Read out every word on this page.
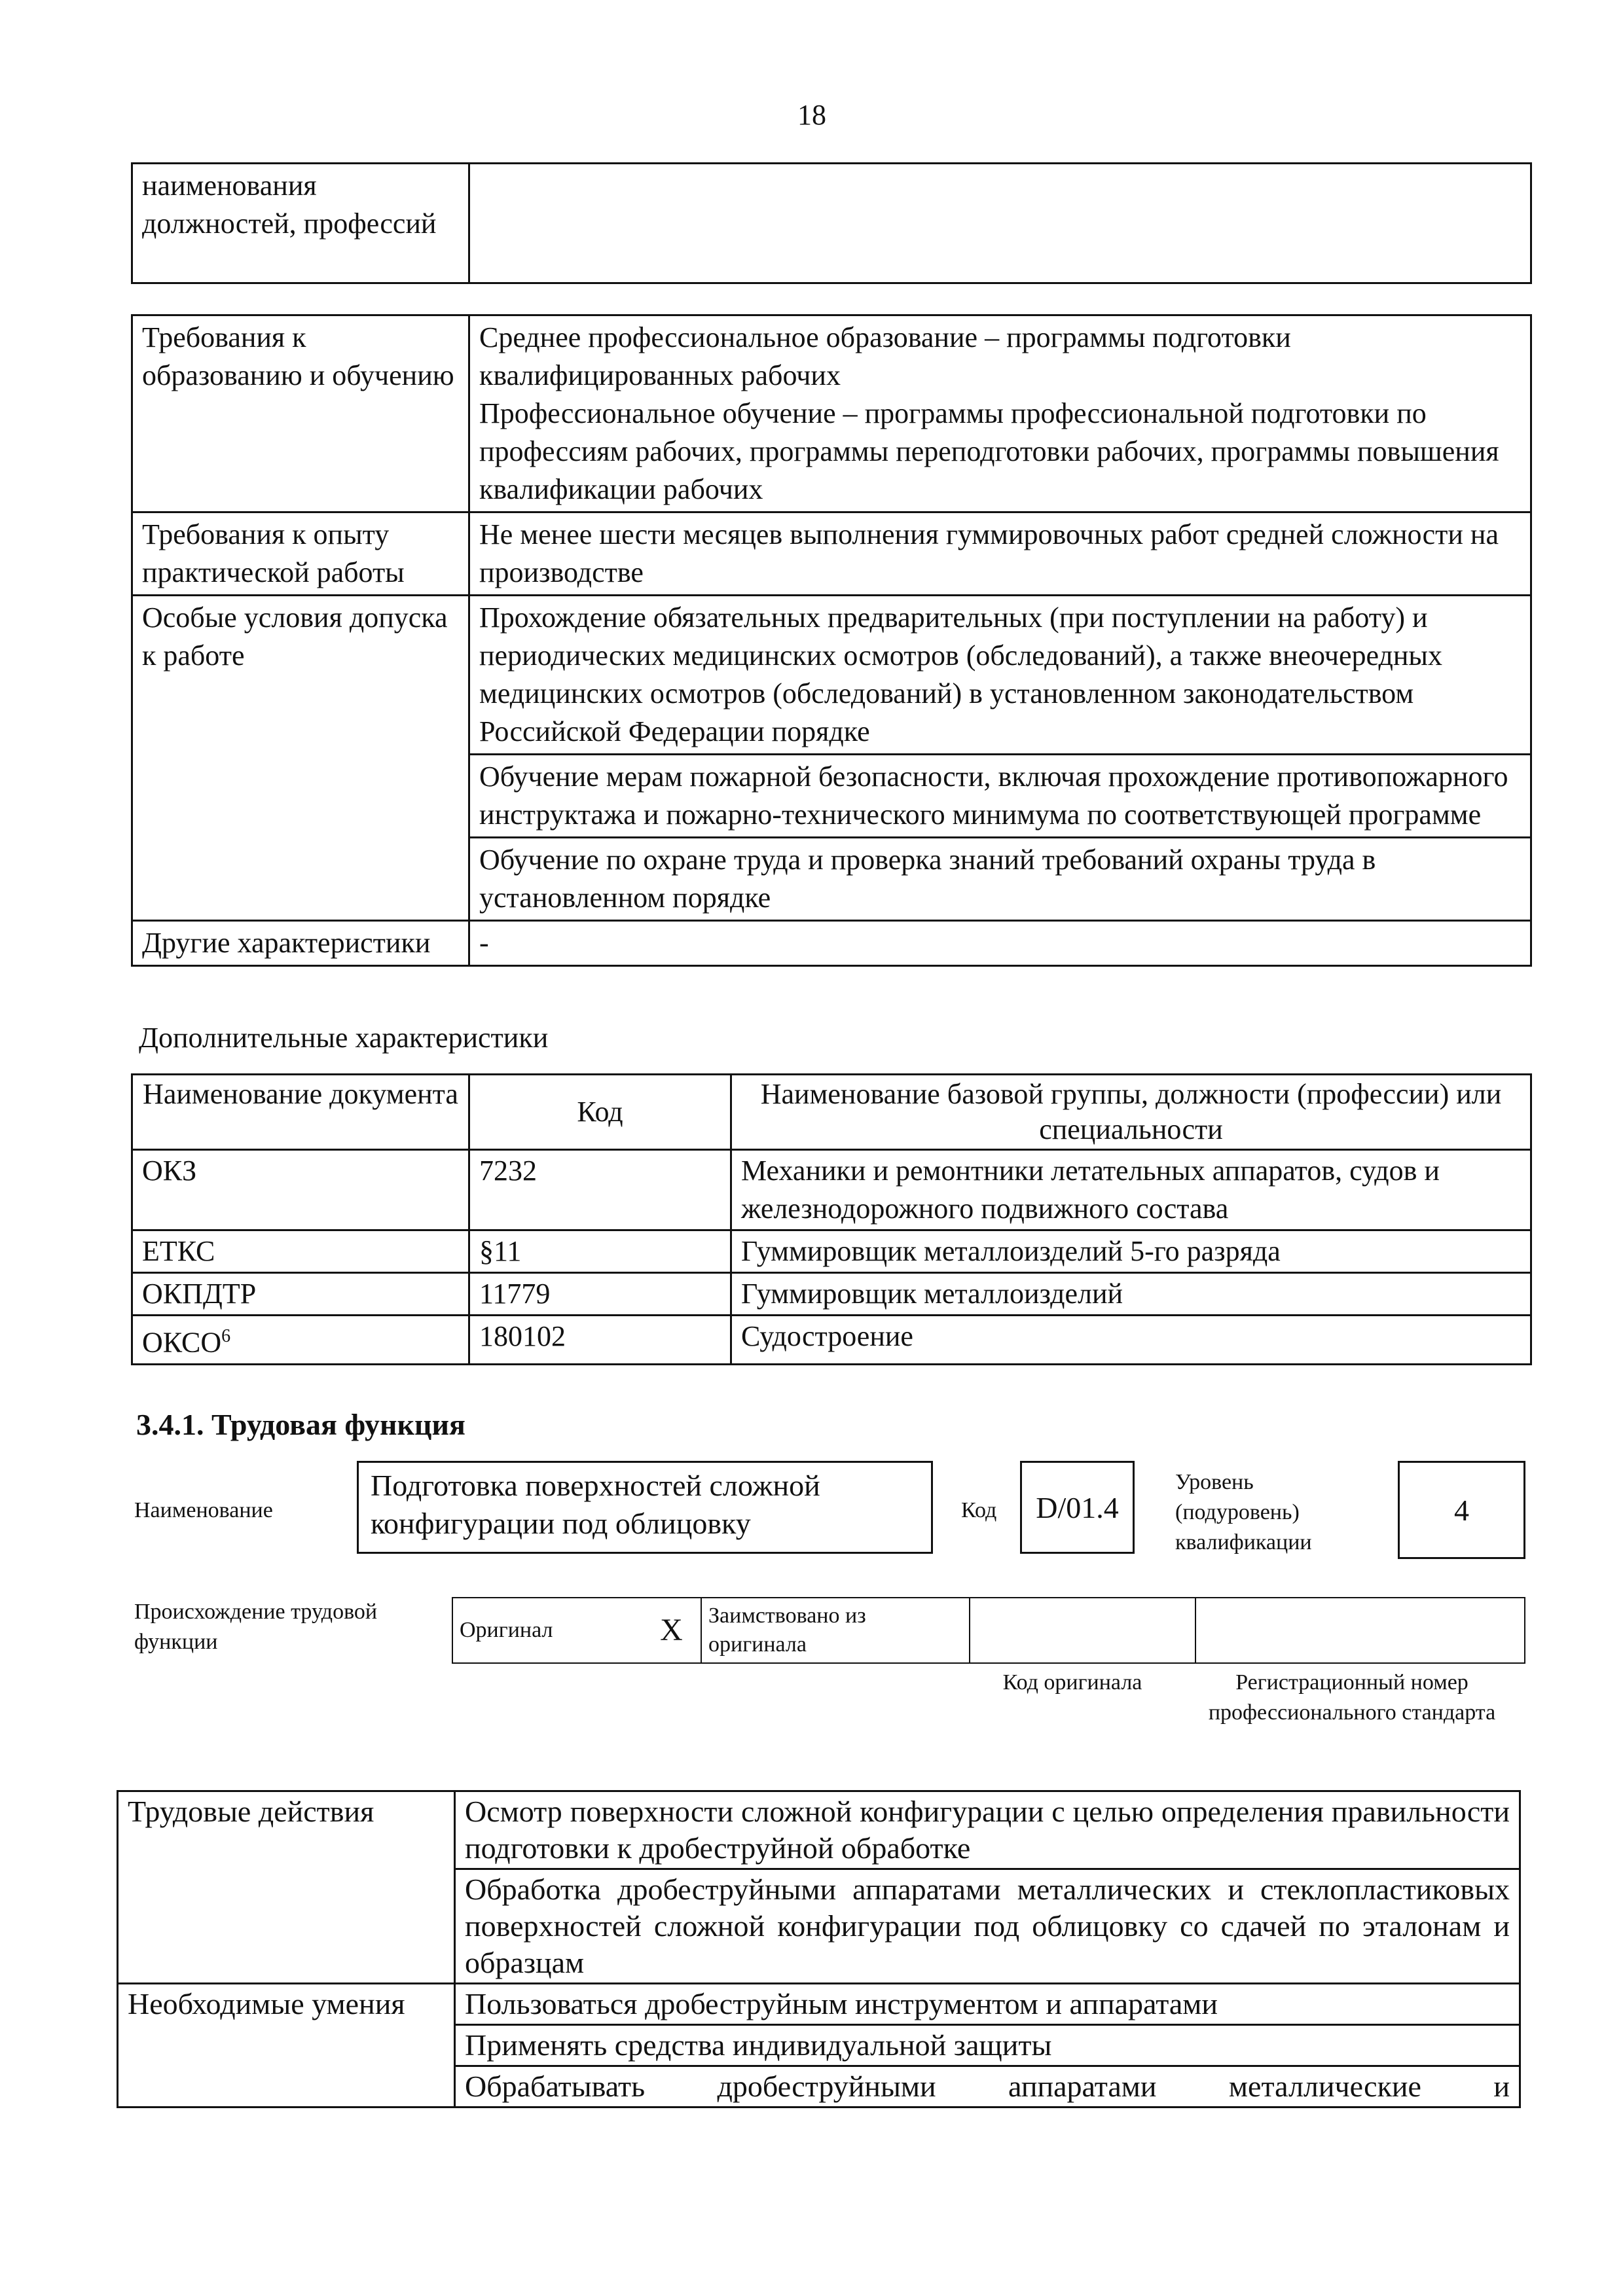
18
наименования должностей, профессий	
Требования к образованию и обучению	Среднее профессиональное образование – программы подготовки квалифицированных рабочих
Профессиональное обучение – программы профессиональной подготовки по профессиям рабочих, программы переподготовки рабочих, программы повышения квалификации рабочих

Требования к опыту практической работы	Не менее шести месяцев выполнения гуммировочных работ средней сложности на производстве
Особые условия допуска к работе	Прохождение обязательных предварительных (при поступлении на работу) и периодических медицинских осмотров (обследований), а также внеочередных медицинских осмотров (обследований) в установленном законодательством Российской Федерации порядке
	Обучение мерам пожарной безопасности, включая прохождение противопожарного инструктажа и пожарно-технического минимума по соответствующей программе
	Обучение по охране труда и проверка знаний требований охраны труда в установленном порядке
Другие характеристики	-
Дополнительные характеристики
Наименование документа	Код	Наименование базовой группы, должности (профессии) или специальности
ОКЗ	7232	Механики и ремонтники летательных аппаратов, судов и железнодорожного подвижного состава
ЕТКС	§11	Гуммировщик металлоизделий 5-го разряда
ОКПДТР	11779	Гуммировщик металлоизделий
ОКСО$^6$	180102	Судостроение
3.4.1. Трудовая функция
Наименование
Подготовка поверхностей сложной конфигурации под облицовку	Код	D/01.4
Уровень (подуровень) квалификации
4
Происхождение трудовой функции	Оригинал	X	Заимствовано из оригинала		
Код оригинала	Регистрационный номер профессионального стандарта
Трудовые действия	Осмотр поверхности сложной конфигурации с целью определения правильности подготовки к дробеструйной обработке
	Обработка дробеструйными аппаратами металлических и стеклопластиковых поверхностей сложной конфигурации под облицовку со сдачей по эталонам и образцам
Необходимые умения	Пользоваться дробеструйным инструментом и аппаратами
	Применять средства индивидуальной защиты
	Обрабатывать дробеструйными аппаратами металлические и
